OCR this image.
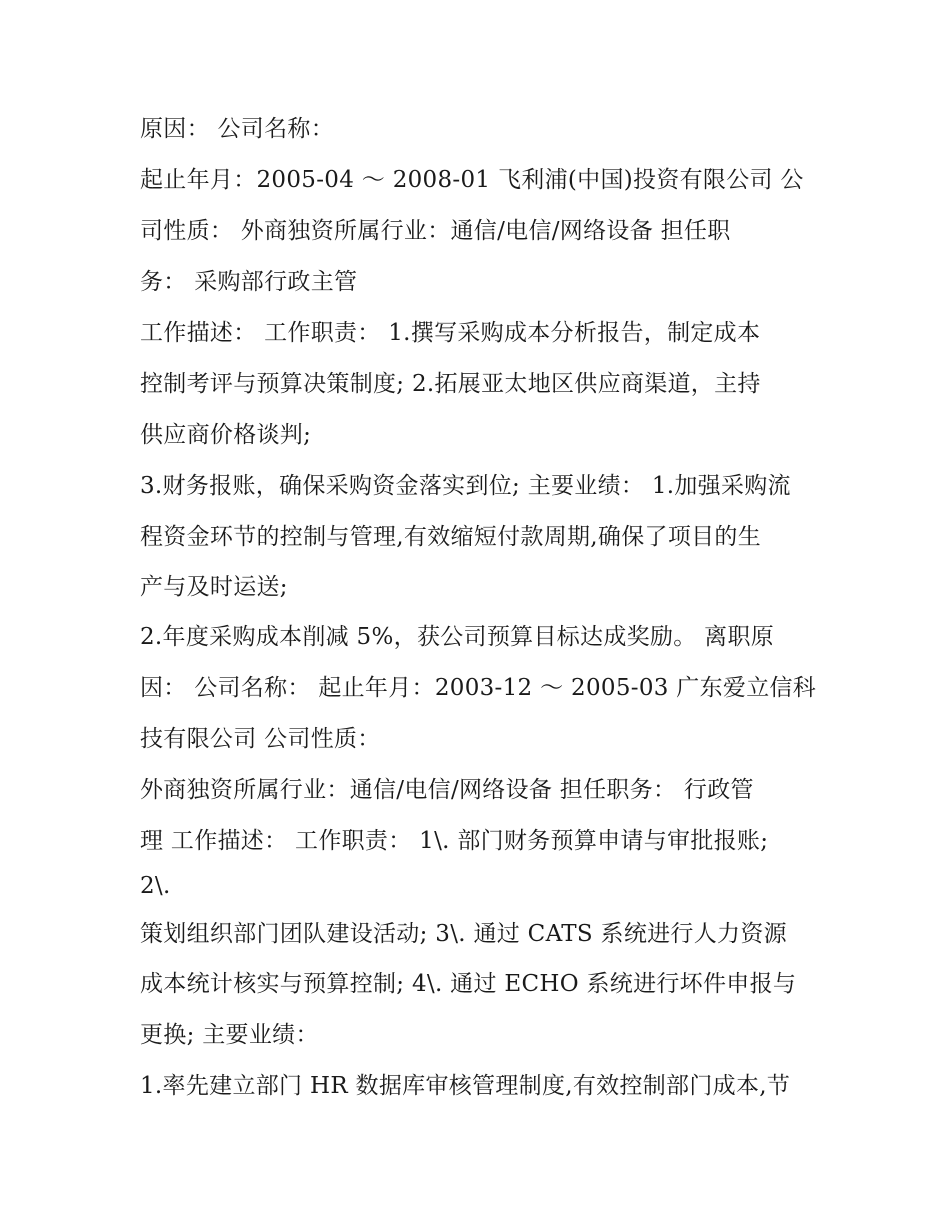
原因： 公司名称：
起止年月：2005-04 ～ 2008-01 飞利浦(中国)投资有限公司 公
司性质： 外商独资所属行业：通信/电信/网络设备 担任职
务： 采购部行政主管
工作描述： 工作职责： 1.撰写采购成本分析报告，制定成本
控制考评与预算决策制度; 2.拓展亚太地区供应商渠道，主持
供应商价格谈判;
3.财务报账，确保采购资金落实到位; 主要业绩： 1.加强采购流
程资金环节的控制与管理,有效缩短付款周期,确保了项目的生
产与及时运送;
2.年度采购成本削减 5%，获公司预算目标达成奖励。 离职原
因： 公司名称： 起止年月：2003-12 ～ 2005-03 广东爱立信科
技有限公司 公司性质：
外商独资所属行业：通信/电信/网络设备 担任职务： 行政管
理 工作描述： 工作职责： 1\. 部门财务预算申请与审批报账;
2\.
策划组织部门团队建设活动; 3\. 通过 CATS 系统进行人力资源
成本统计核实与预算控制; 4\. 通过 ECHO 系统进行坏件申报与
更换; 主要业绩：
1.率先建立部门 HR 数据库审核管理制度,有效控制部门成本,节
